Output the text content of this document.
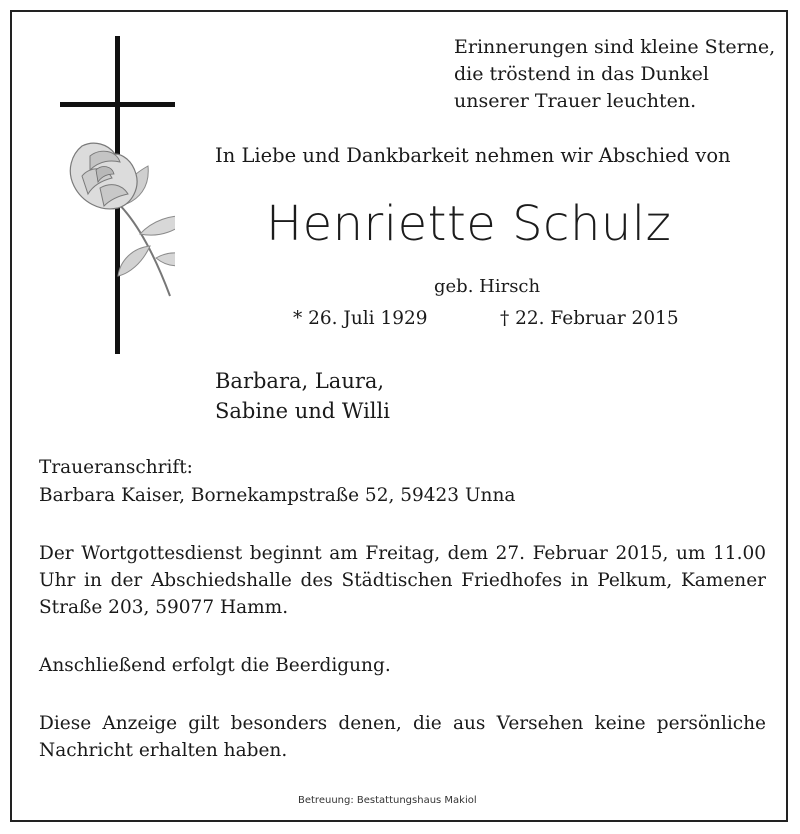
Erinnerungen sind kleine Sterne,
die tröstend in das Dunkel
unserer Trauer leuchten.
In Liebe und Dankbarkeit nehmen wir Abschied von
Henriette Schulz
geb. Hirsch
* 26. Juli 1929	† 22. Februar 2015
Barbara, Laura,
Sabine und Willi
Traueranschrift:
Barbara Kaiser, Bornekampstraße 52, 59423 Unna
Der Wortgottesdienst beginnt am Freitag, dem 27. Februar 2015, um 11.00 Uhr in der Abschiedshalle des Städtischen Friedhofes in Pelkum, Kamener Straße 203, 59077 Hamm.
Anschließend erfolgt die Beerdigung.
Diese Anzeige gilt besonders denen, die aus Versehen keine persönliche Nachricht erhalten haben.
Betreuung: Bestattungshaus Makiol
